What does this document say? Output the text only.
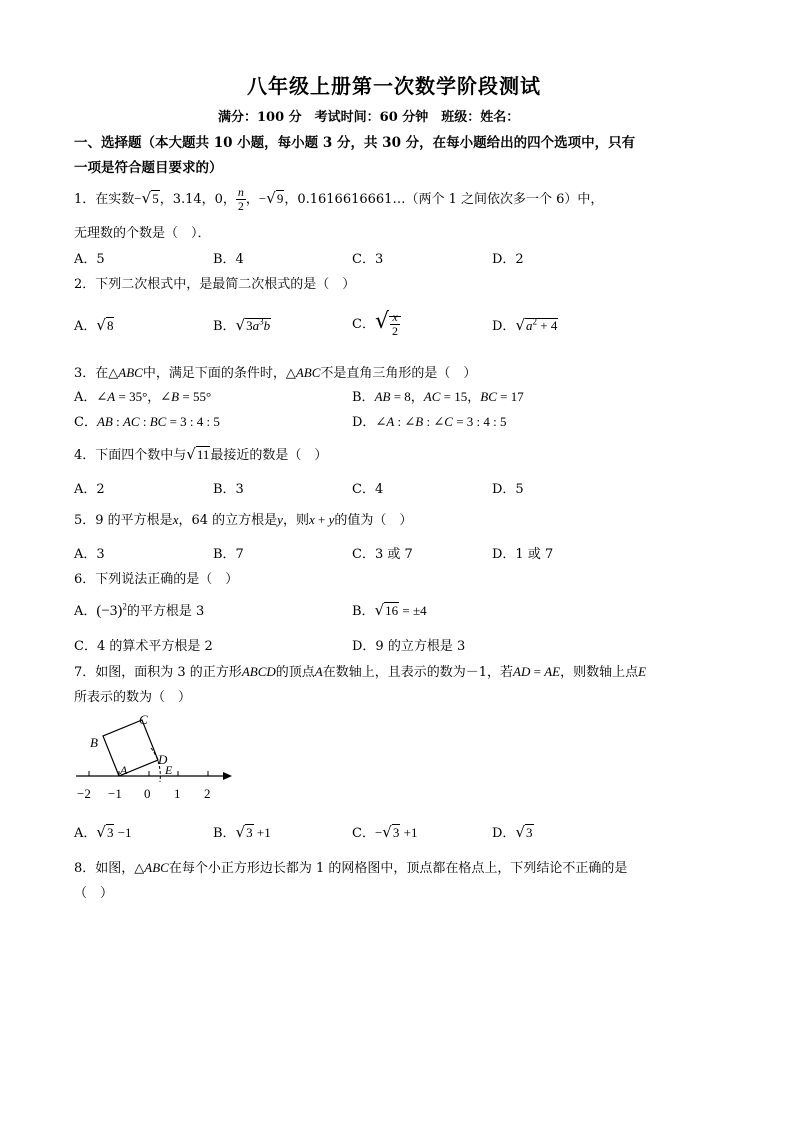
八年级上册第一次数学阶段测试
满分：100 分　考试时间：60 分钟　班级：姓名：
一、选择题（本大题共 10 小题，每小题 3 分，共 30 分，在每小题给出的四个选项中，只有
一项是符合题目要求的）
1．在实数−√5，3.14，0， $\frac{n}{2}$ ，−√9，0.1616616661…（两个 1 之间依次多一个 6）中，
无理数的个数是（　）．
A．5	B．4	C．3	D．2
2．下列二次根式中，是最简二次根式的是（　）
A．√8	B．$√3a^3b$	C．√ $\frac{x}{2}$	D．$√a^2 + 4$
3．在△ABC中，满足下面的条件时，△ABC不是直角三角形的是（　）
A．∠A = 35°，∠B = 55°	B．AB = 8，AC = 15，BC = 17
C．AB : AC : BC = 3 : 4 : 5	D．∠A : ∠B : ∠C = 3 : 4 : 5
4．下面四个数中与√11最接近的数是（　）
A．2	B．3	C．4	D．5
5．9 的平方根是x，64 的立方根是y，则x + y的值为（　）
A．3	B．7	C．3 或 7	D．1 或 7
6．下列说法正确的是（　）
A．$(-3)^2$的平方根是 3	B．√16 = ±4
C．4 的算术平方根是 2	D．9 的立方根是 3
7．如图，面积为 3 的正方形ABCD的顶点A在数轴上，且表示的数为－1，若AD = AE，则数轴上点E
所表示的数为（　）
B
C
D
A	E
−2 −1 0 1 2
A．√3 −1	B．√3 +1	C．−√3 +1	D．√3
8．如图，△ABC在每个小正方形边长都为 1 的网格图中，顶点都在格点上，下列结论不正确的是
（　）
